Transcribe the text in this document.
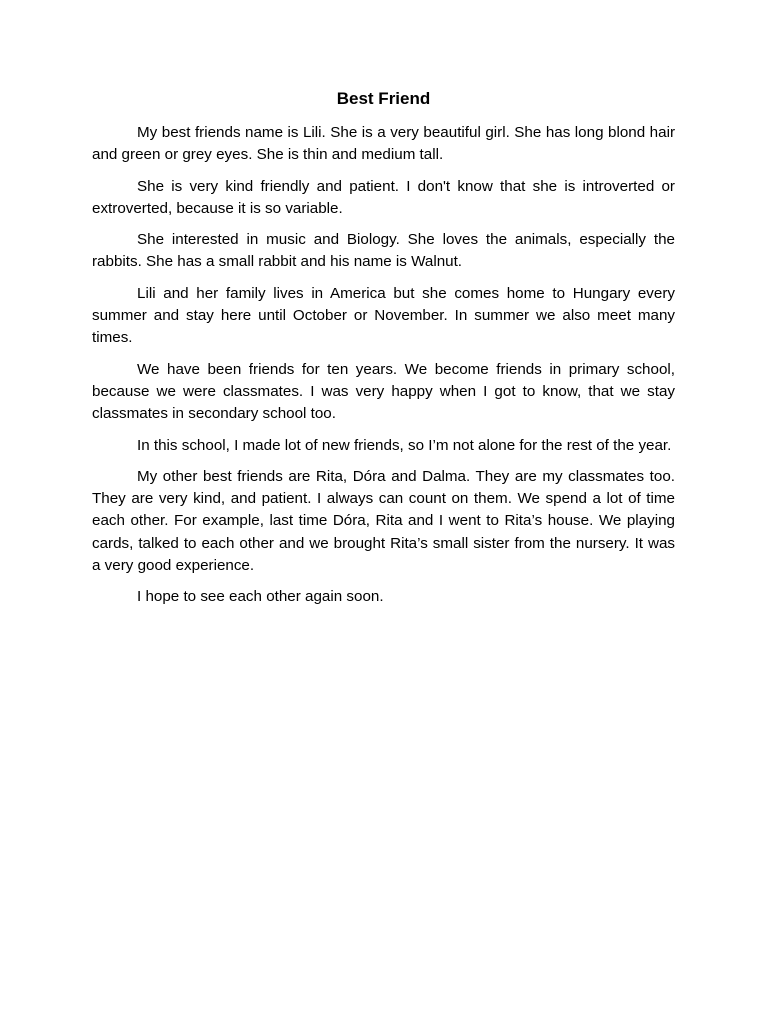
Best Friend

My best friends name is Lili. She is a very beautiful girl. She has long blond hair and green or grey eyes. She is thin and medium tall.

She is very kind friendly and patient. I don't know that she is introverted or extroverted, because it is so variable.

She interested in music and Biology. She loves the animals, especially the rabbits. She has a small rabbit and his name is Walnut.

Lili and her family lives in America but she comes home to Hungary every summer and stay here until October or November. In summer we also meet many times.

We have been friends for ten years. We become friends in primary school, because we were classmates. I was very happy when I got to know, that we stay classmates in secondary school too.

In this school, I made lot of new friends, so I’m not alone for the rest of the year.

My other best friends are Rita, Dóra and Dalma. They are my classmates too. They are very kind, and patient. I always can count on them. We spend a lot of time each other. For example, last time Dóra, Rita and I went to Rita’s house. We playing cards, talked to each other and we brought Rita’s small sister from the nursery. It was a very good experience.

I hope to see each other again soon.
